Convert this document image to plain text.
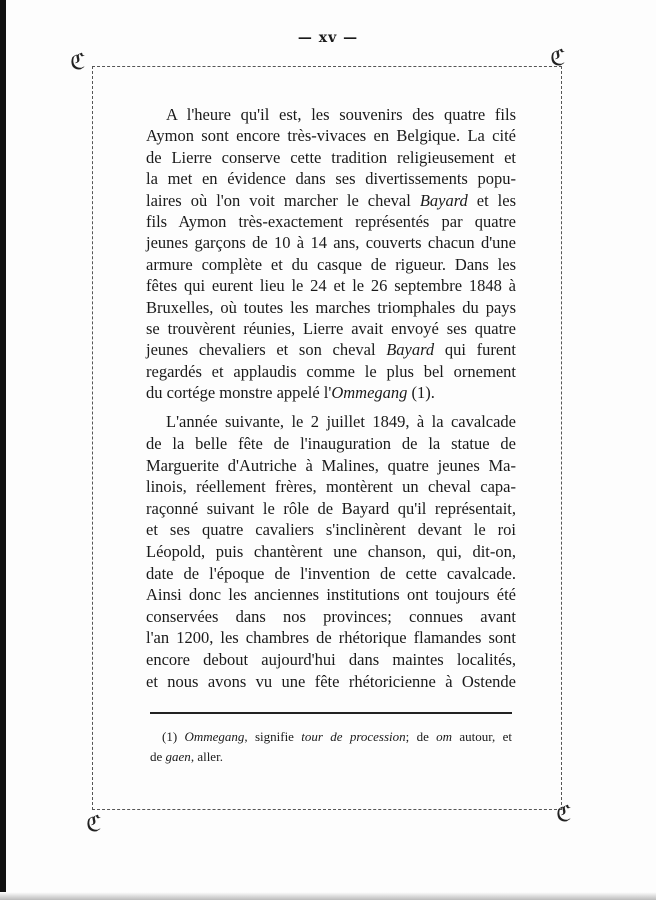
— xv —
ℭ	ℭ
ℭ	ℭ
A l'heure qu'il est, les souvenirs des quatre fils
Aymon sont encore très-vivaces en Belgique. La cité
de Lierre conserve cette tradition religieusement et
la met en évidence dans ses divertissements popu-
laires où l'on voit marcher le cheval Bayard et les
fils Aymon très-exactement représentés par quatre
jeunes garçons de 10 à 14 ans, couverts chacun d'une
armure complète et du casque de rigueur. Dans les
fêtes qui eurent lieu le 24 et le 26 septembre 1848 à
Bruxelles, où toutes les marches triomphales du pays
se trouvèrent réunies, Lierre avait envoyé ses quatre
jeunes chevaliers et son cheval Bayard qui furent
regardés et applaudis comme le plus bel ornement
du cortége monstre appelé l'Ommegang (1).
L'année suivante, le 2 juillet 1849, à la cavalcade
de la belle fête de l'inauguration de la statue de
Marguerite d'Autriche à Malines, quatre jeunes Ma-
linois, réellement frères, montèrent un cheval capa-
raçonné suivant le rôle de Bayard qu'il représentait,
et ses quatre cavaliers s'inclinèrent devant le roi
Léopold, puis chantèrent une chanson, qui, dit-on,
date de l'époque de l'invention de cette cavalcade.
Ainsi donc les anciennes institutions ont toujours été
conservées dans nos provinces; connues avant
l'an 1200, les chambres de rhétorique flamandes sont
encore debout aujourd'hui dans maintes localités,
et nous avons vu une fête rhétoricienne à Ostende
(1) Ommegang, signifie tour de procession; de om autour, et
de gaen, aller.
